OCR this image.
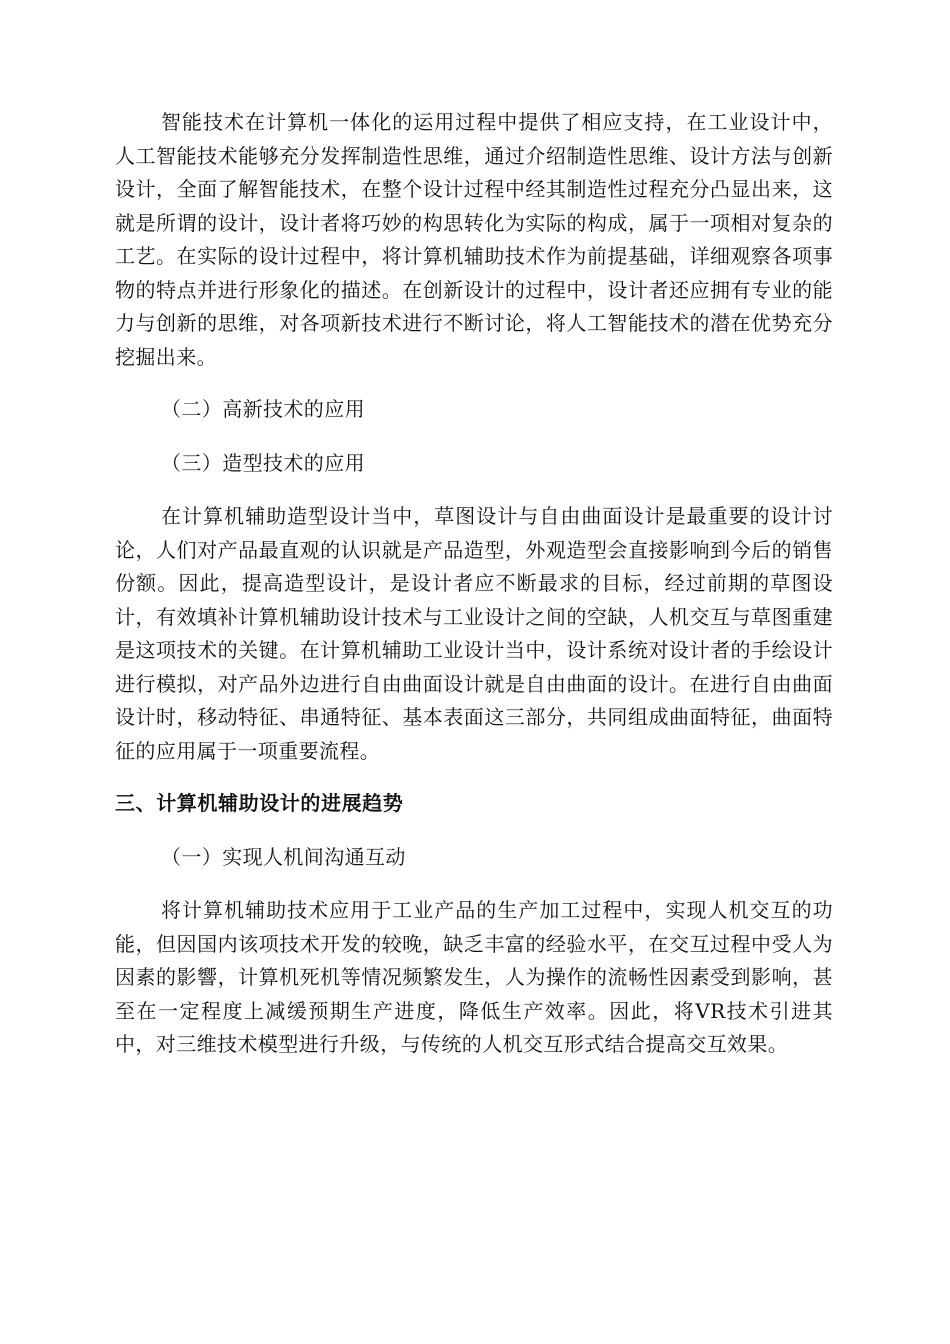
智能技术在计算机一体化的运用过程中提供了相应支持，在工业设计中，人工智能技术能够充分发挥制造性思维，通过介绍制造性思维、设计方法与创新设计，全面了解智能技术，在整个设计过程中经其制造性过程充分凸显出来，这就是所谓的设计，设计者将巧妙的构思转化为实际的构成，属于一项相对复杂的工艺。在实际的设计过程中，将计算机辅助技术作为前提基础，详细观察各项事物的特点并进行形象化的描述。在创新设计的过程中，设计者还应拥有专业的能力与创新的思维，对各项新技术进行不断讨论，将人工智能技术的潜在优势充分挖掘出来。

（二）高新技术的应用

（三）造型技术的应用

在计算机辅助造型设计当中，草图设计与自由曲面设计是最重要的设计讨论，人们对产品最直观的认识就是产品造型，外观造型会直接影响到今后的销售份额。因此，提高造型设计，是设计者应不断最求的目标，经过前期的草图设计，有效填补计算机辅助设计技术与工业设计之间的空缺，人机交互与草图重建是这项技术的关键。在计算机辅助工业设计当中，设计系统对设计者的手绘设计进行模拟，对产品外边进行自由曲面设计就是自由曲面的设计。在进行自由曲面设计时，移动特征、串通特征、基本表面这三部分，共同组成曲面特征，曲面特征的应用属于一项重要流程。

三、计算机辅助设计的进展趋势

（一）实现人机间沟通互动

将计算机辅助技术应用于工业产品的生产加工过程中，实现人机交互的功能，但因国内该项技术开发的较晚，缺乏丰富的经验水平，在交互过程中受人为因素的影響，计算机死机等情况频繁发生，人为操作的流畅性因素受到影响，甚至在一定程度上减缓预期生产进度，降低生产效率。因此，将VR技术引进其中，对三维技术模型进行升级，与传统的人机交互形式结合提高交互效果。
